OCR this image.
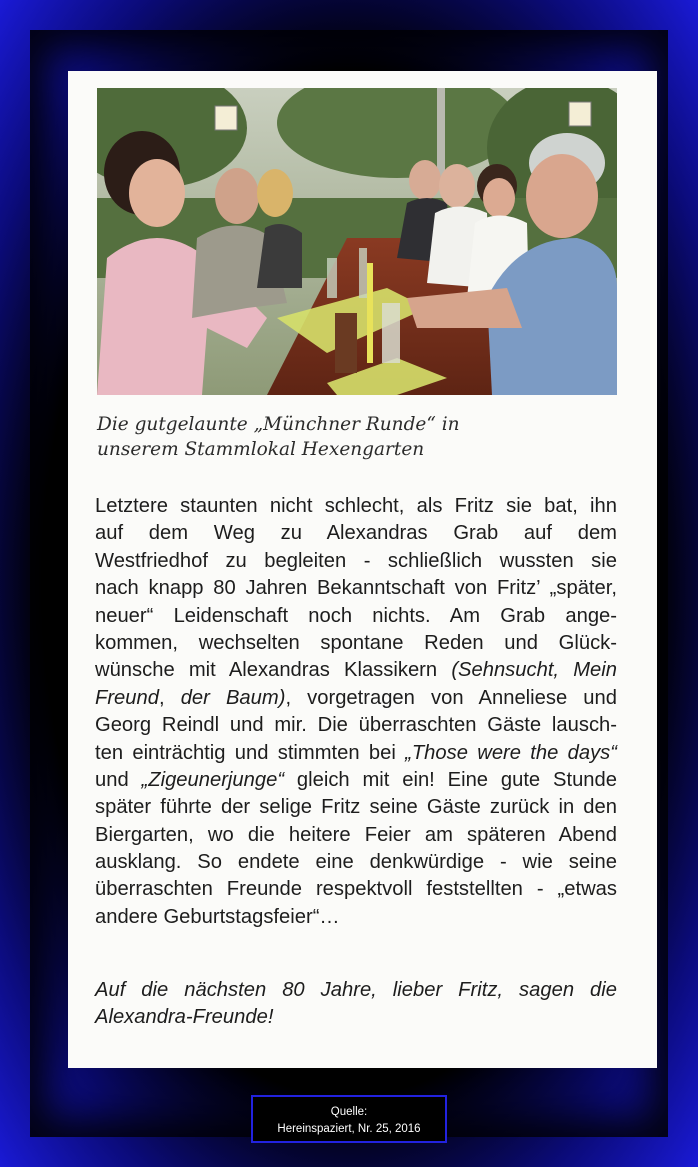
Die gutgelaunte „Münchner Runde“ in
unserem Stammlokal Hexengarten
Letztere staunten nicht schlecht, als Fritz sie bat, ihn
auf dem Weg zu Alexandras Grab auf dem
Westfriedhof zu begleiten - schließlich wussten sie
nach knapp 80 Jahren Bekanntschaft von Fritz’ „später,
neuer“ Leidenschaft noch nichts. Am Grab ange-
kommen, wechselten spontane Reden und Glück-
wünsche mit Alexandras Klassikern (Sehnsucht, Mein
Freund, der Baum), vorgetragen von Anneliese und
Georg Reindl und mir. Die überraschten Gäste lausch-
ten einträchtig und stimmten bei „Those were the days“
und „Zigeunerjunge“ gleich mit ein! Eine gute Stunde
später führte der selige Fritz seine Gäste zurück in den
Biergarten, wo die heitere Feier am späteren Abend
ausklang. So endete eine denkwürdige - wie seine
überraschten Freunde respektvoll feststellten - „etwas
andere Geburtstagsfeier“…
Auf die nächsten 80 Jahre, lieber Fritz, sagen die
Alexandra-Freunde!
Quelle:
Hereinspaziert, Nr. 25, 2016
